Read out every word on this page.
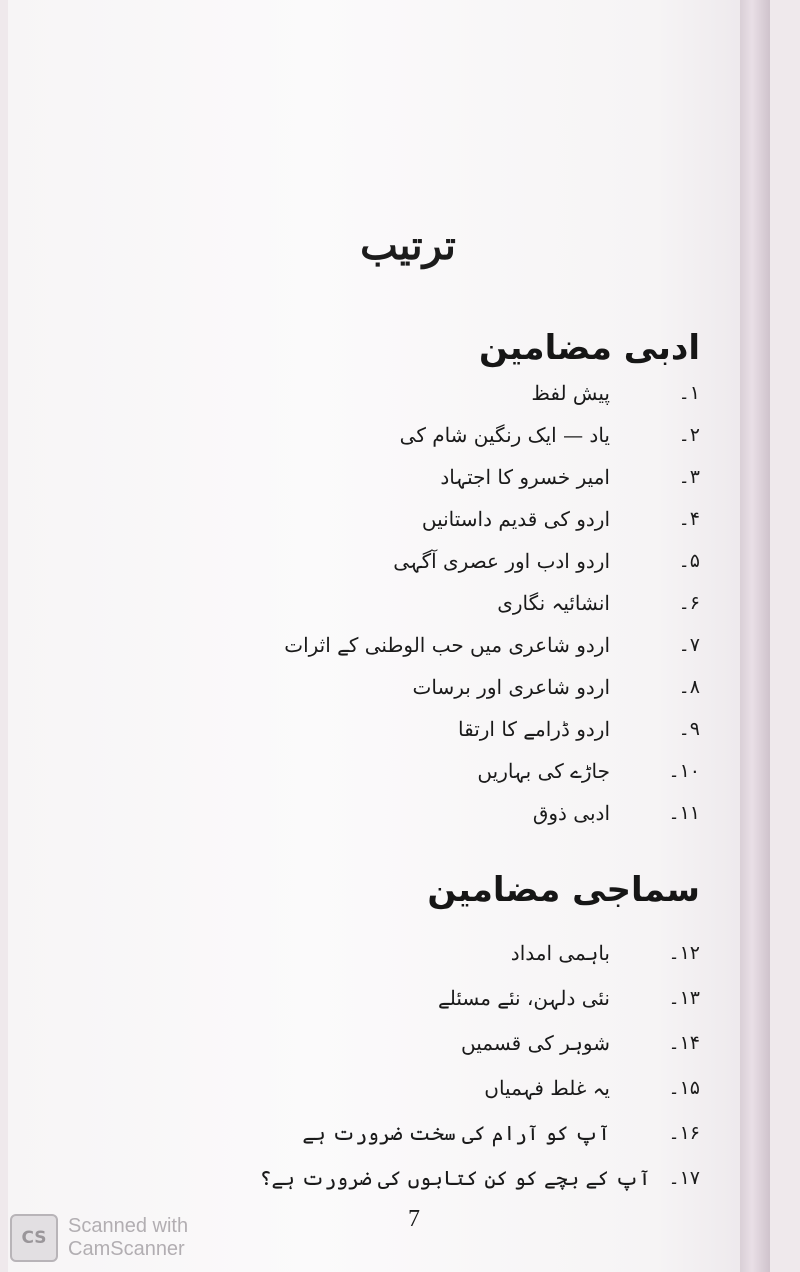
ترتیب
ادبی مضامین
۱۔
پیش لفظ
۲۔
یاد — ایک رنگین شام کی
۳۔
امیر خسرو کا اجتہاد
۴۔
اردو کی قدیم داستانیں
۵۔
اردو ادب اور عصری آگہی
۶۔
انشائیہ نگاری
۷۔
اردو شاعری میں حب الوطنی کے اثرات
۸۔
اردو شاعری اور برسات
۹۔
اردو ڈرامے کا ارتقا
۱۰۔
جاڑے کی بہاریں
۱۱۔
ادبی ذوق
سماجی مضامین
۱۲۔
باہمی امداد
۱۳۔
نئی دلہن، نئے مسئلے
۱۴۔
شوہر کی قسمیں
۱۵۔
یہ غلط فہمیاں
۱۶۔
آپ کو آرام کی سخت ضرورت ہے
۱۷۔
آپ کے بچے کو کن کتابوں کی ضرورت ہے؟
7
CS
Scanned with
CamScanner
